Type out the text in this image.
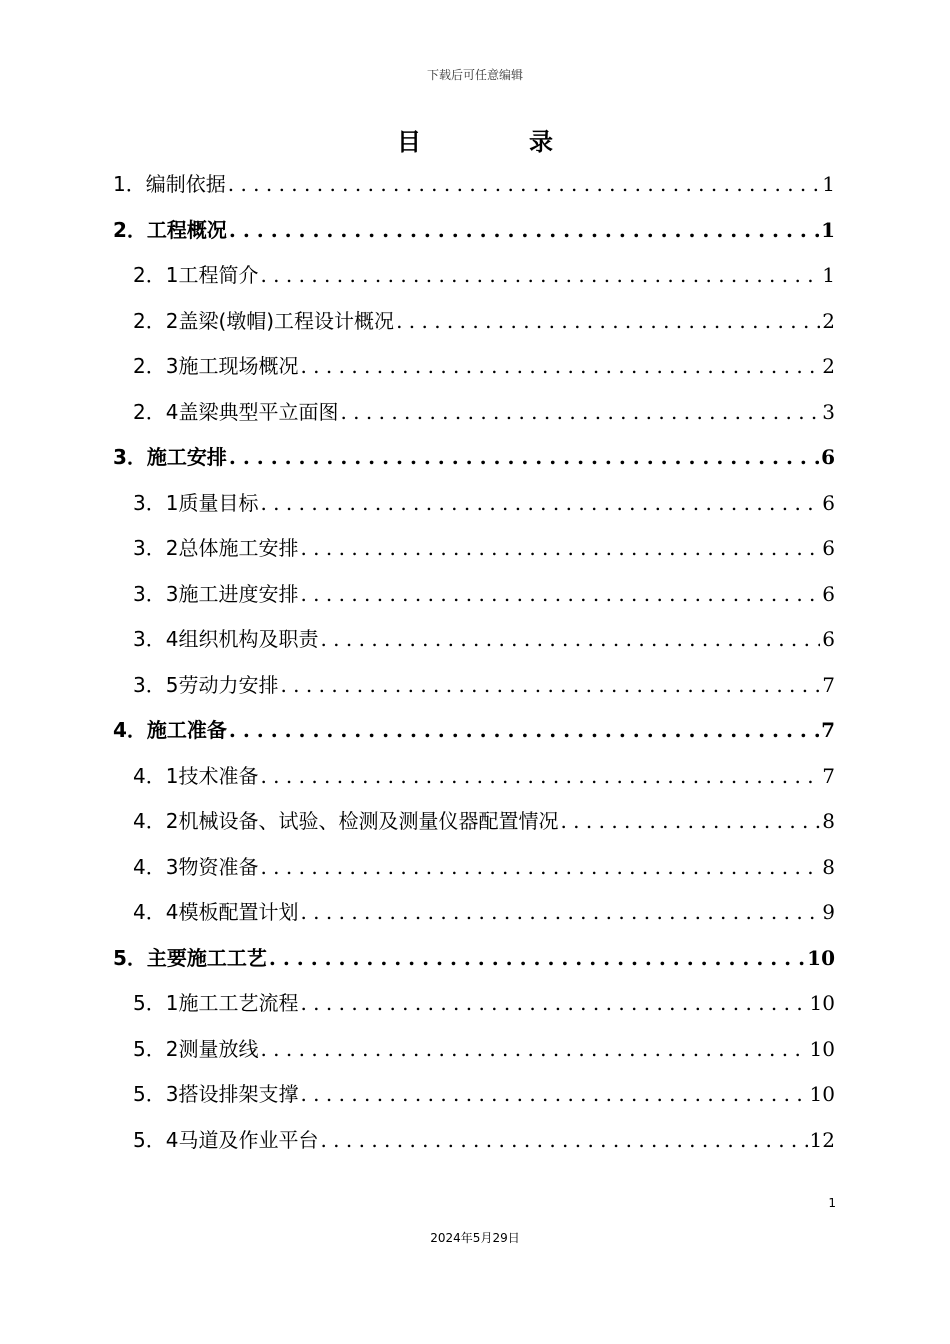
下载后可任意编辑
目	录
1．编制依据 . . .	1
2．工程概况 . . .	1
2．1工程简介 . . .	1
2．2盖梁(墩帽)工程设计概况 . . .	2
2．3施工现场概况 . . .	2
2．4盖梁典型平立面图 . . .	3
3．施工安排 . . .	6
3．1质量目标 . . .	6
3．2总体施工安排 . . .	6
3．3施工进度安排 . . .	6
3．4组织机构及职责 . . .	6
3．5劳动力安排 . . .	7
4．施工准备 . . .	7
4．1技术准备 . . .	7
4．2机械设备、试验、检测及测量仪器配置情况 . . .	8
4．3物资准备 . . .	8
4．4模板配置计划 . . .	9
5．主要施工工艺 . . .	10
5．1施工工艺流程 . . .	10
5．2测量放线 . . .	10
5．3搭设排架支撑 . . .	10
5．4马道及作业平台 . . .	12
1
2024年5月29日
